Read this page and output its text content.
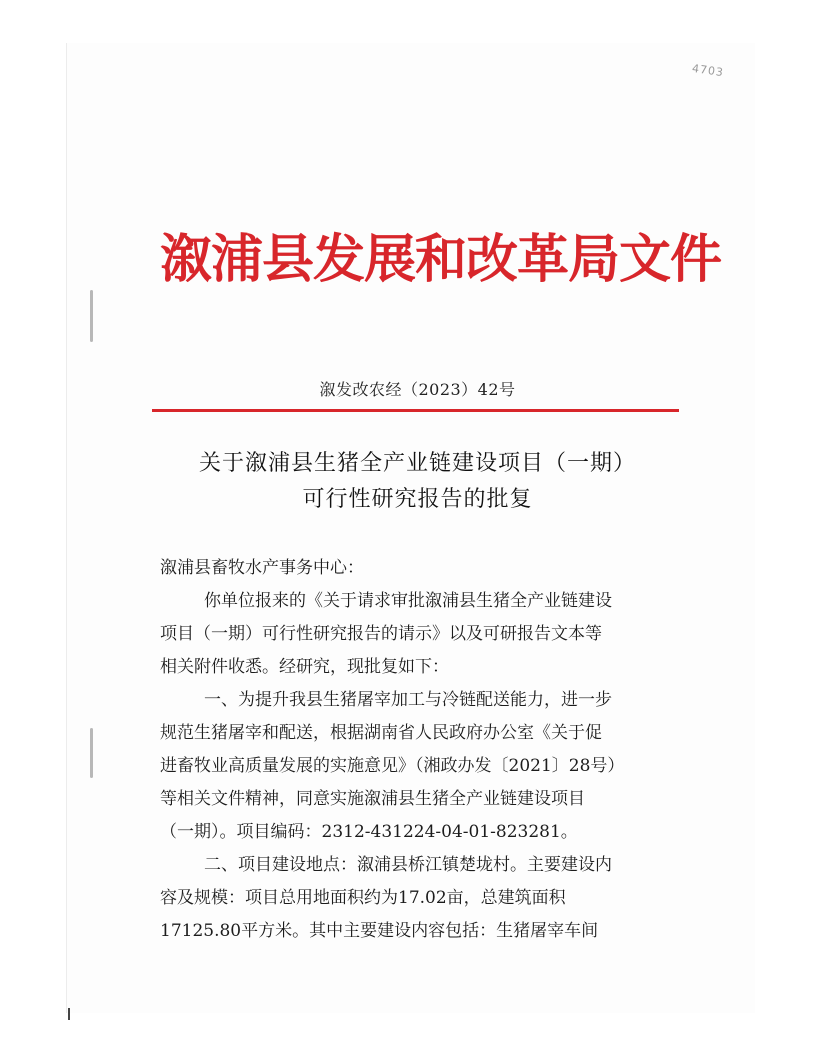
4703
溆浦县发展和改革局文件
溆发改农经（2023）42号
关于溆浦县生猪全产业链建设项目（一期）
可行性研究报告的批复
溆浦县畜牧水产事务中心：
你单位报来的《关于请求审批溆浦县生猪全产业链建设
项目（一期）可行性研究报告的请示》以及可研报告文本等
相关附件收悉。经研究，现批复如下：
一、为提升我县生猪屠宰加工与冷链配送能力，进一步
规范生猪屠宰和配送，根据湖南省人民政府办公室《关于促
进畜牧业高质量发展的实施意见》（湘政办发〔2021〕28号）
等相关文件精神，同意实施溆浦县生猪全产业链建设项目
（一期）。项目编码：2312-431224-04-01-823281。
二、项目建设地点：溆浦县桥江镇楚垅村。主要建设内
容及规模：项目总用地面积约为17.02亩，总建筑面积
17125.80平方米。其中主要建设内容包括：生猪屠宰车间
